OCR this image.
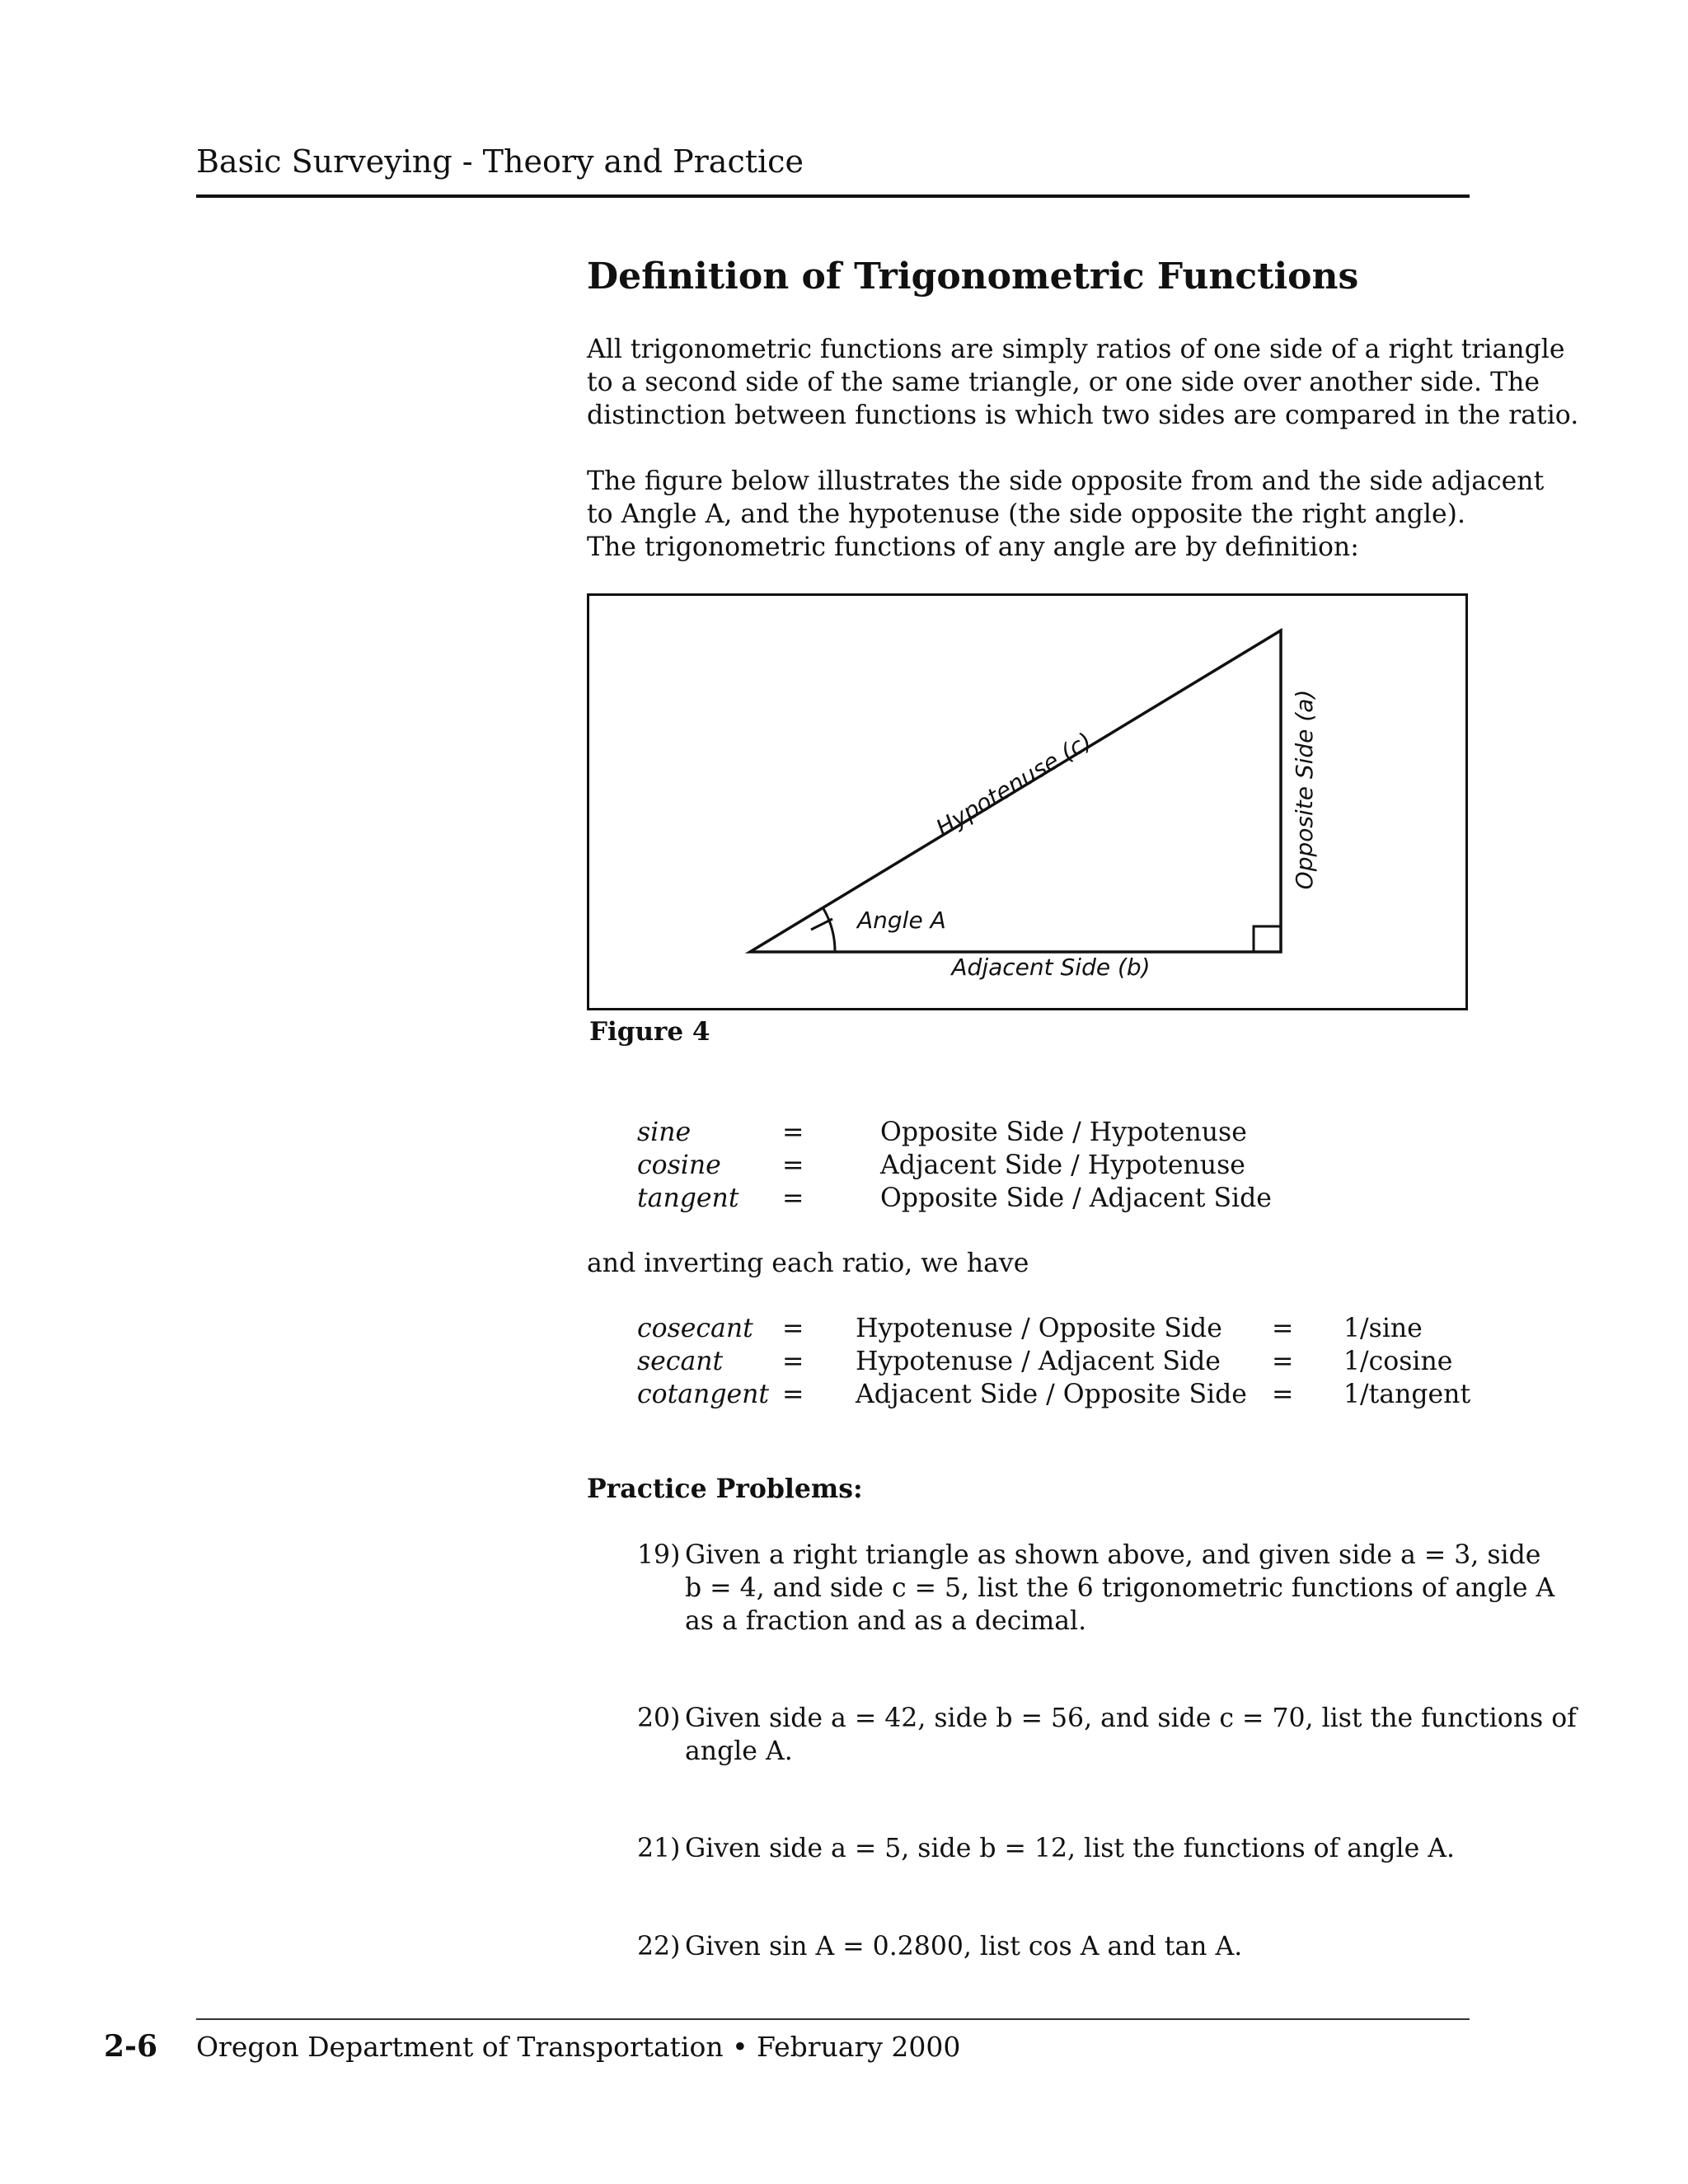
Basic Surveying - Theory and Practice
Definition of Trigonometric Functions

All trigonometric functions are simply ratios of one side of a right triangle
to a second side of the same triangle, or one side over another side. The
distinction between functions is which two sides are compared in the ratio.

The figure below illustrates the side opposite from and the side adjacent
to Angle A, and the hypotenuse (the side opposite the right angle).
The trigonometric functions of any angle are by definition:

Hypotenuse (c)	Opposite Side (a)
Adjacent Side (b)
Angle A
Figure 4
sine	=	Opposite Side / Hypotenuse
cosine =	Adjacent Side / Hypotenuse
tangent =	Opposite Side / Adjacent Side
and inverting each ratio, we have
cosecant = Hypotenuse / Opposite Side = 1/sine
secant = Hypotenuse / Adjacent Side = 1/cosine
cotangent = Adjacent Side / Opposite Side = 1/tangent
Practice Problems:
19) Given a right triangle as shown above, and given side a = 3, side
b = 4, and side c = 5, list the 6 trigonometric functions of angle A
as a fraction and as a decimal.
20) Given side a = 42, side b = 56, and side c = 70, list the functions of
angle A.
21) Given side a = 5, side b = 12, list the functions of angle A.
22) Given sin A = 0.2800, list cos A and tan A.
2-6 Oregon Department of Transportation • February 2000
